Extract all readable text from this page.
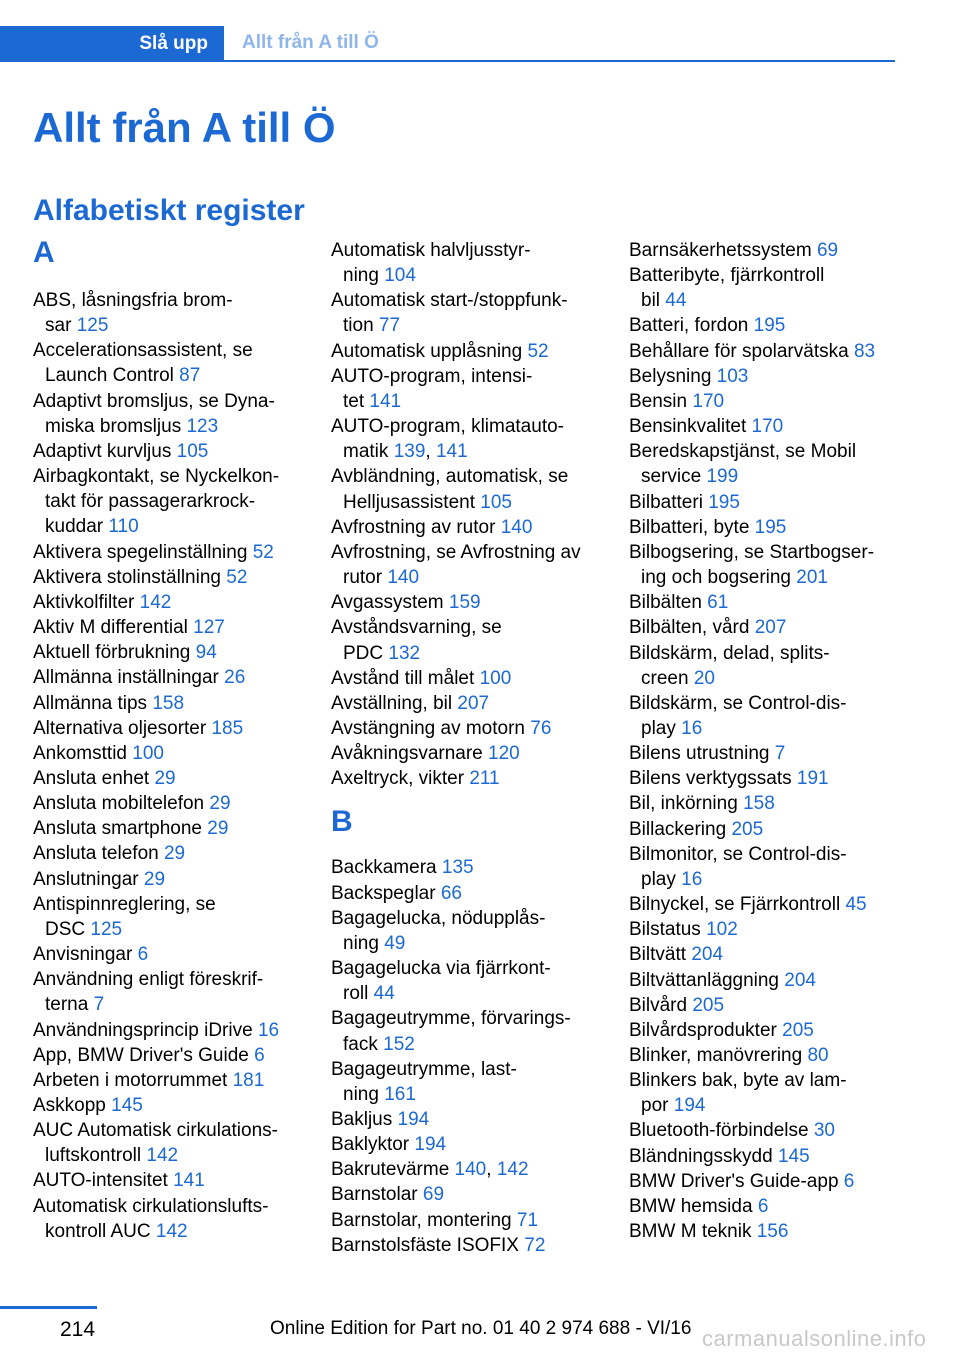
Slå upp	Allt från A till Ö
Allt från A till Ö
Alfabetiskt register
A
ABS, låsningsfria brom-
sar 125
Accelerationsassistent, se
Launch Control 87
Adaptivt bromsljus, se Dyna-
miska bromsljus 123
Adaptivt kurvljus 105
Airbagkontakt, se Nyckelkon-
takt för passagerarkrock-
kuddar 110
Aktivera spegelinställning 52
Aktivera stolinställning 52
Aktivkolfilter 142
Aktiv M differential 127
Aktuell förbrukning 94
Allmänna inställningar 26
Allmänna tips 158
Alternativa oljesorter 185
Ankomsttid 100
Ansluta enhet 29
Ansluta mobiltelefon 29
Ansluta smartphone 29
Ansluta telefon 29
Anslutningar 29
Antispinnreglering, se
DSC 125
Anvisningar 6
Användning enligt föreskrif-
terna 7
Användningsprincip iDrive 16
App, BMW Driver's Guide 6
Arbeten i motorrummet 181
Askkopp 145
AUC Automatisk cirkulations-
luftskontroll 142
AUTO-intensitet 141
Automatisk cirkulationslufts-
kontroll AUC 142
Automatisk halvljusstyr-
ning 104
Automatisk start-/stoppfunk-
tion 77
Automatisk upplåsning 52
AUTO-program, intensi-
tet 141
AUTO-program, klimatauto-
matik 139, 141
Avbländning, automatisk, se
Helljusassistent 105
Avfrostning av rutor 140
Avfrostning, se Avfrostning av
rutor 140
Avgassystem 159
Avståndsvarning, se
PDC 132
Avstånd till målet 100
Avställning, bil 207
Avstängning av motorn 76
Avåkningsvarnare 120
Axeltryck, vikter 211
B
Backkamera 135
Backspeglar 66
Bagagelucka, nödupplås-
ning 49
Bagagelucka via fjärrkont-
roll 44
Bagageutrymme, förvarings-
fack 152
Bagageutrymme, last-
ning 161
Bakljus 194
Baklyktor 194
Bakrutevärme 140, 142
Barnstolar 69
Barnstolar, montering 71
Barnstolsfäste ISOFIX 72
Barnsäkerhetssystem 69
Batteribyte, fjärrkontroll
bil 44
Batteri, fordon 195
Behållare för spolarvätska 83
Belysning 103
Bensin 170
Bensinkvalitet 170
Beredskapstjänst, se Mobil
service 199
Bilbatteri 195
Bilbatteri, byte 195
Bilbogsering, se Startbogser-
ing och bogsering 201
Bilbälten 61
Bilbälten, vård 207
Bildskärm, delad, splits-
creen 20
Bildskärm, se Control-dis-
play 16
Bilens utrustning 7
Bilens verktygssats 191
Bil, inkörning 158
Billackering 205
Bilmonitor, se Control-dis-
play 16
Bilnyckel, se Fjärrkontroll 45
Bilstatus 102
Biltvätt 204
Biltvättanläggning 204
Bilvård 205
Bilvårdsprodukter 205
Blinker, manövrering 80
Blinkers bak, byte av lam-
por 194
Bluetooth-förbindelse 30
Bländningsskydd 145
BMW Driver's Guide-app 6
BMW hemsida 6
BMW M teknik 156
214	Online Edition for Part no. 01 40 2 974 688 - VI/16 carmanualsonline.info
